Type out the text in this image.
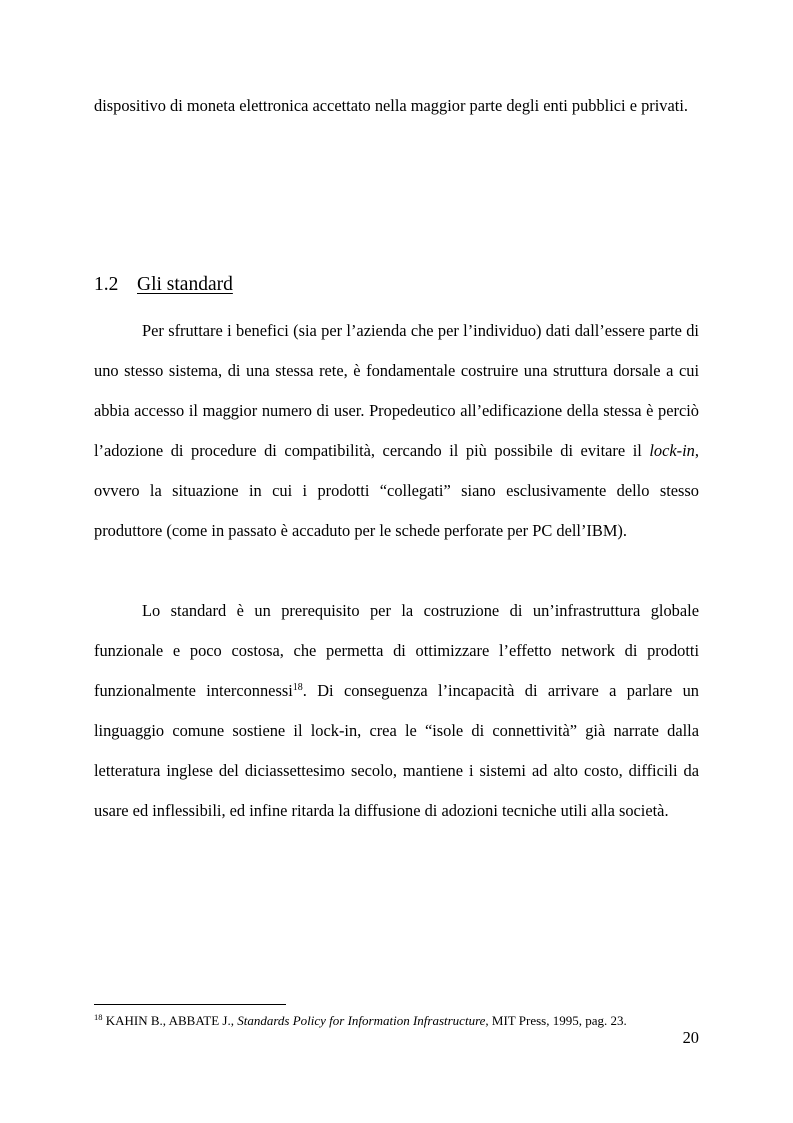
dispositivo di moneta elettronica accettato nella maggior parte degli enti pubblici e privati.

1.2 Gli standard

Per sfruttare i benefici (sia per l’azienda che per l’individuo) dati dall’essere parte di uno stesso sistema, di una stessa rete, è fondamentale costruire una struttura dorsale a cui abbia accesso il maggior numero di user. Propedeutico all’edificazione della stessa è perciò l’adozione di procedure di compatibilità, cercando il più possibile di evitare il lock-in, ovvero la situazione in cui i prodotti “collegati” siano esclusivamente dello stesso produttore (come in passato è accaduto per le schede perforate per PC dell’IBM).

Lo standard è un prerequisito per la costruzione di un’infrastruttura globale funzionale e poco costosa, che permetta di ottimizzare l’effetto network di prodotti funzionalmente interconnessi$^{18}$. Di conseguenza l’incapacità di arrivare a parlare un linguaggio comune sostiene il lock-in, crea le “isole di connettività” già narrate dalla letteratura inglese del diciassettesimo secolo, mantiene i sistemi ad alto costo, difficili da usare ed inflessibili, ed infine ritarda la diffusione di adozioni tecniche utili alla società.

$^{18}$ KAHIN B., ABBATE J., Standards Policy for Information Infrastructure, MIT Press, 1995, pag. 23.

20
